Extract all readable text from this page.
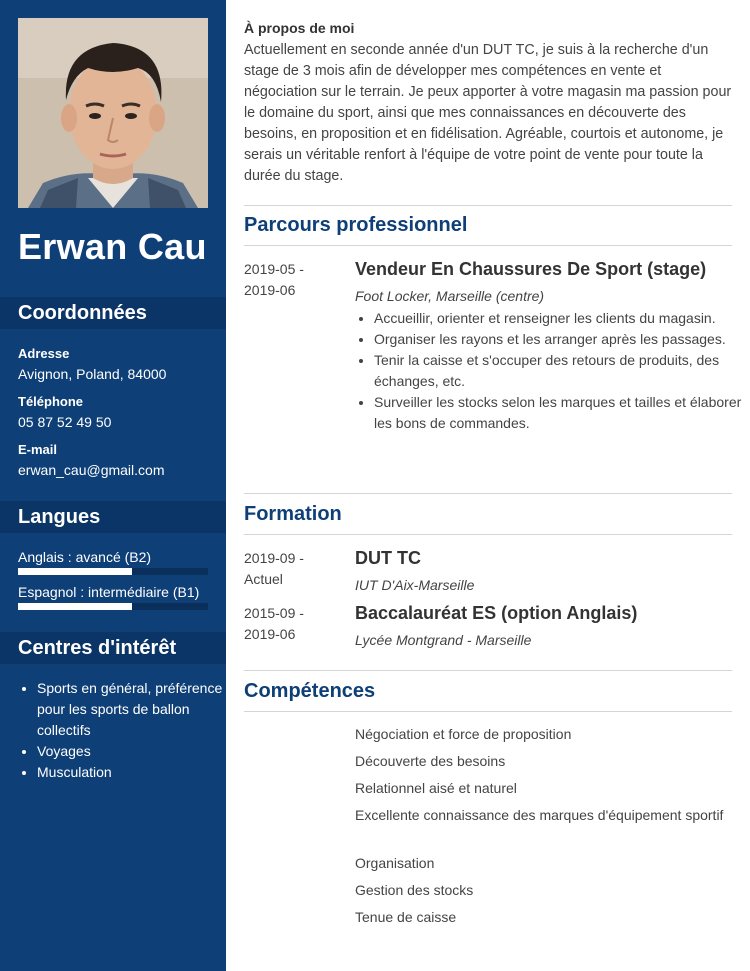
Erwan Cau
Coordonnées
Adresse
Avignon, Poland, 84000
Téléphone
05 87 52 49 50
E-mail
erwan_cau@gmail.com
Langues
Anglais : avancé (B2)
Espagnol : intermédiaire (B1)
Centres d'intérêt
• Sports en général, préférence pour les sports de ballon collectifs
• Voyages
• Musculation
À propos de moi
Actuellement en seconde année d'un DUT TC, je suis à la recherche d'un stage de 3 mois afin de développer mes compétences en vente et négociation sur le terrain. Je peux apporter à votre magasin ma passion pour le domaine du sport, ainsi que mes connaissances en découverte des besoins, en proposition et en fidélisation. Agréable, courtois et autonome, je serais un véritable renfort à l'équipe de votre point de vente pour toute la durée du stage.
Parcours professionnel
2019-05 -
2019-06
Vendeur En Chaussures De Sport (stage)
Foot Locker, Marseille (centre)
• Accueillir, orienter et renseigner les clients du magasin.
• Organiser les rayons et les arranger après les passages.
• Tenir la caisse et s'occuper des retours de produits, des échanges, etc.
• Surveiller les stocks selon les marques et tailles et élaborer les bons de commandes.
Formation
2019-09 -
Actuel
DUT TC
IUT D'Aix-Marseille
2015-09 -
2019-06
Baccalauréat ES (option Anglais)
Lycée Montgrand - Marseille
Compétences
Négociation et force de proposition
Découverte des besoins
Relationnel aisé et naturel
Excellente connaissance des marques d'équipement sportif
Organisation
Gestion des stocks
Tenue de caisse
